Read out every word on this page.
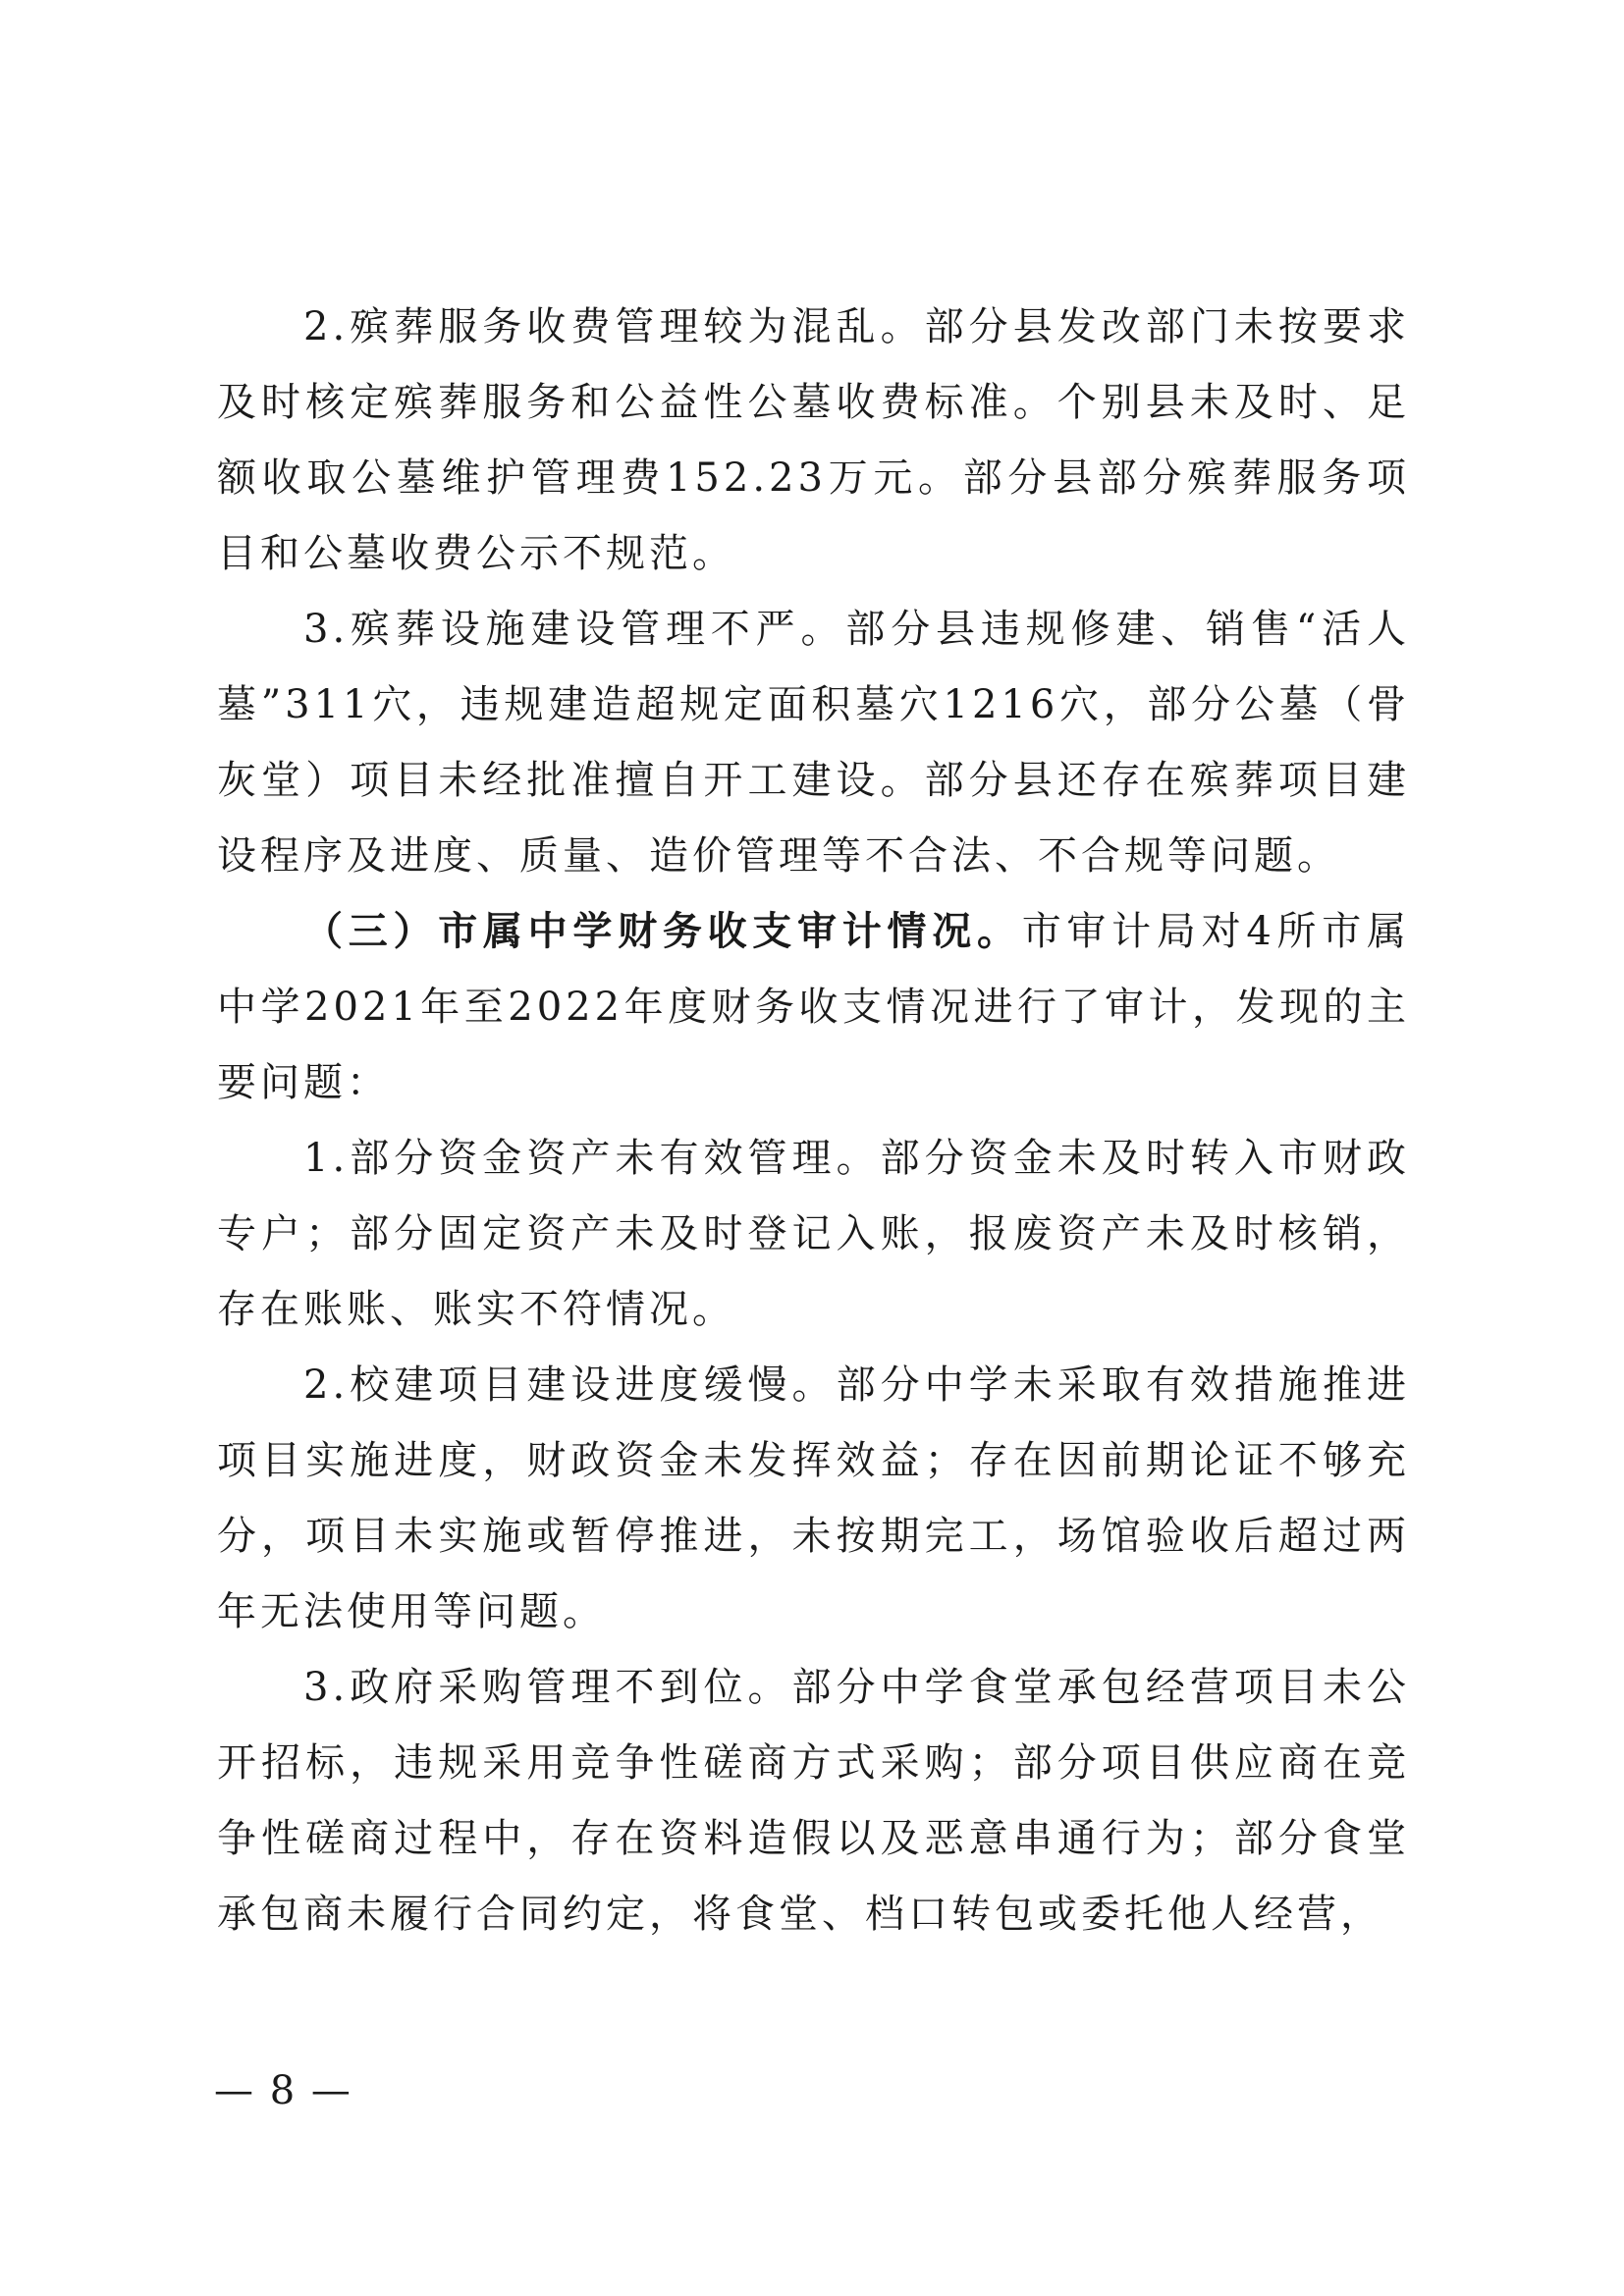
2.殡葬服务收费管理较为混乱。部分县发改部门未按要求及时核定殡葬服务和公益性公墓收费标准。个别县未及时、足额收取公墓维护管理费152.23万元。部分县部分殡葬服务项目和公墓收费公示不规范。

3.殡葬设施建设管理不严。部分县违规修建、销售“活人墓”311穴，违规建造超规定面积墓穴1216穴，部分公墓（骨灰堂）项目未经批准擅自开工建设。部分县还存在殡葬项目建设程序及进度、质量、造价管理等不合法、不合规等问题。

（三）市属中学财务收支审计情况。市审计局对4所市属中学2021年至2022年度财务收支情况进行了审计，发现的主要问题：

1.部分资金资产未有效管理。部分资金未及时转入市财政专户；部分固定资产未及时登记入账，报废资产未及时核销，存在账账、账实不符情况。

2.校建项目建设进度缓慢。部分中学未采取有效措施推进项目实施进度，财政资金未发挥效益；存在因前期论证不够充分，项目未实施或暂停推进，未按期完工，场馆验收后超过两年无法使用等问题。

3.政府采购管理不到位。部分中学食堂承包经营项目未公开招标，违规采用竞争性磋商方式采购；部分项目供应商在竞争性磋商过程中，存在资料造假以及恶意串通行为；部分食堂承包商未履行合同约定，将食堂、档口转包或委托他人经营，

— 8 —
